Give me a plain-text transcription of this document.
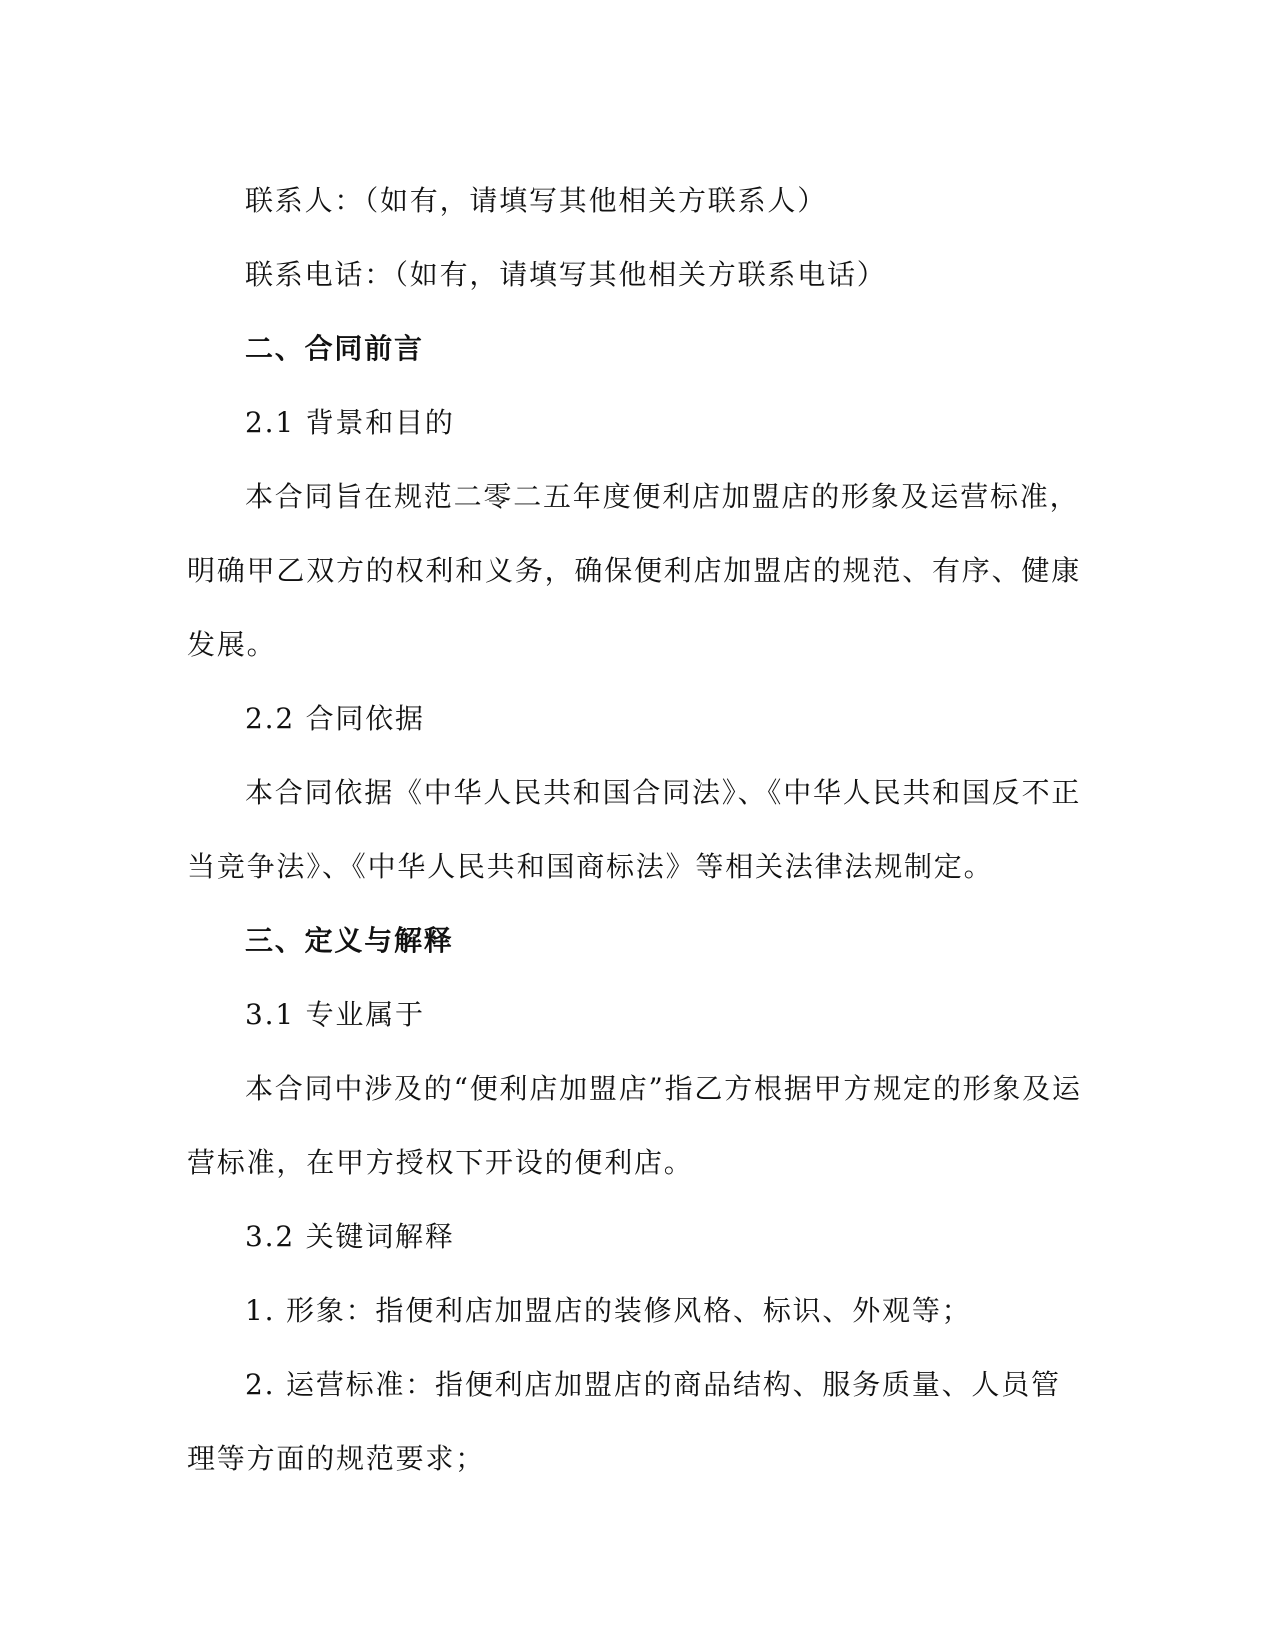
联系人：（如有，请填写其他相关方联系人）

联系电话：（如有，请填写其他相关方联系电话）

二、合同前言

2.1 背景和目的

本合同旨在规范二零二五年度便利店加盟店的形象及运营标准，明确甲乙双方的权利和义务，确保便利店加盟店的规范、有序、健康发展。

2.2 合同依据

本合同依据《中华人民共和国合同法》、《中华人民共和国反不正当竞争法》、《中华人民共和国商标法》等相关法律法规制定。

三、定义与解释

3.1 专业属于

本合同中涉及的“便利店加盟店”指乙方根据甲方规定的形象及运营标准，在甲方授权下开设的便利店。

3.2 关键词解释

1. 形象：指便利店加盟店的装修风格、标识、外观等；

2. 运营标准：指便利店加盟店的商品结构、服务质量、人员管理等方面的规范要求；
